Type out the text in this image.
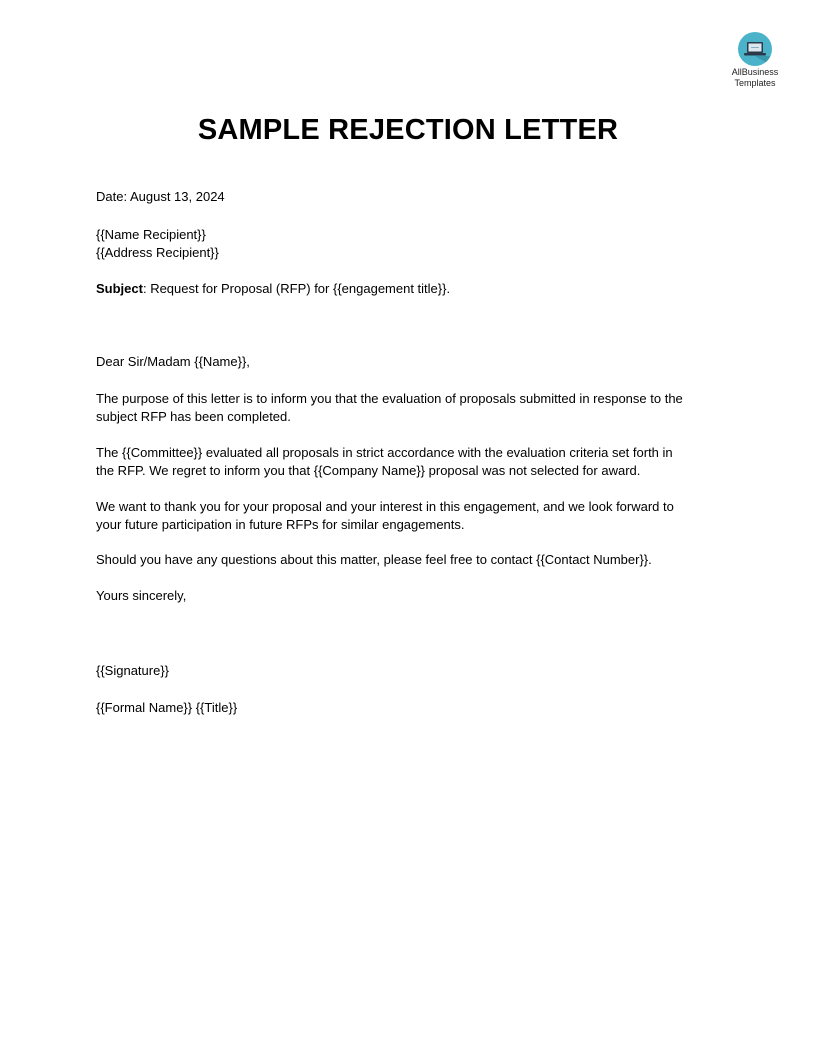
AllBusiness
Templates
SAMPLE REJECTION LETTER
Date: August 13, 2024
{{Name Recipient}}
{{Address Recipient}}
Subject: Request for Proposal (RFP) for {{engagement title}}.
Dear Sir/Madam {{Name}},
The purpose of this letter is to inform you that the evaluation of proposals submitted in response to the
subject RFP has been completed.
The {{Committee}} evaluated all proposals in strict accordance with the evaluation criteria set forth in
the RFP. We regret to inform you that {{Company Name}} proposal was not selected for award.
We want to thank you for your proposal and your interest in this engagement, and we look forward to
your future participation in future RFPs for similar engagements.
Should you have any questions about this matter, please feel free to contact {{Contact Number}}.
Yours sincerely,
{{Signature}}
{{Formal Name}} {{Title}}
